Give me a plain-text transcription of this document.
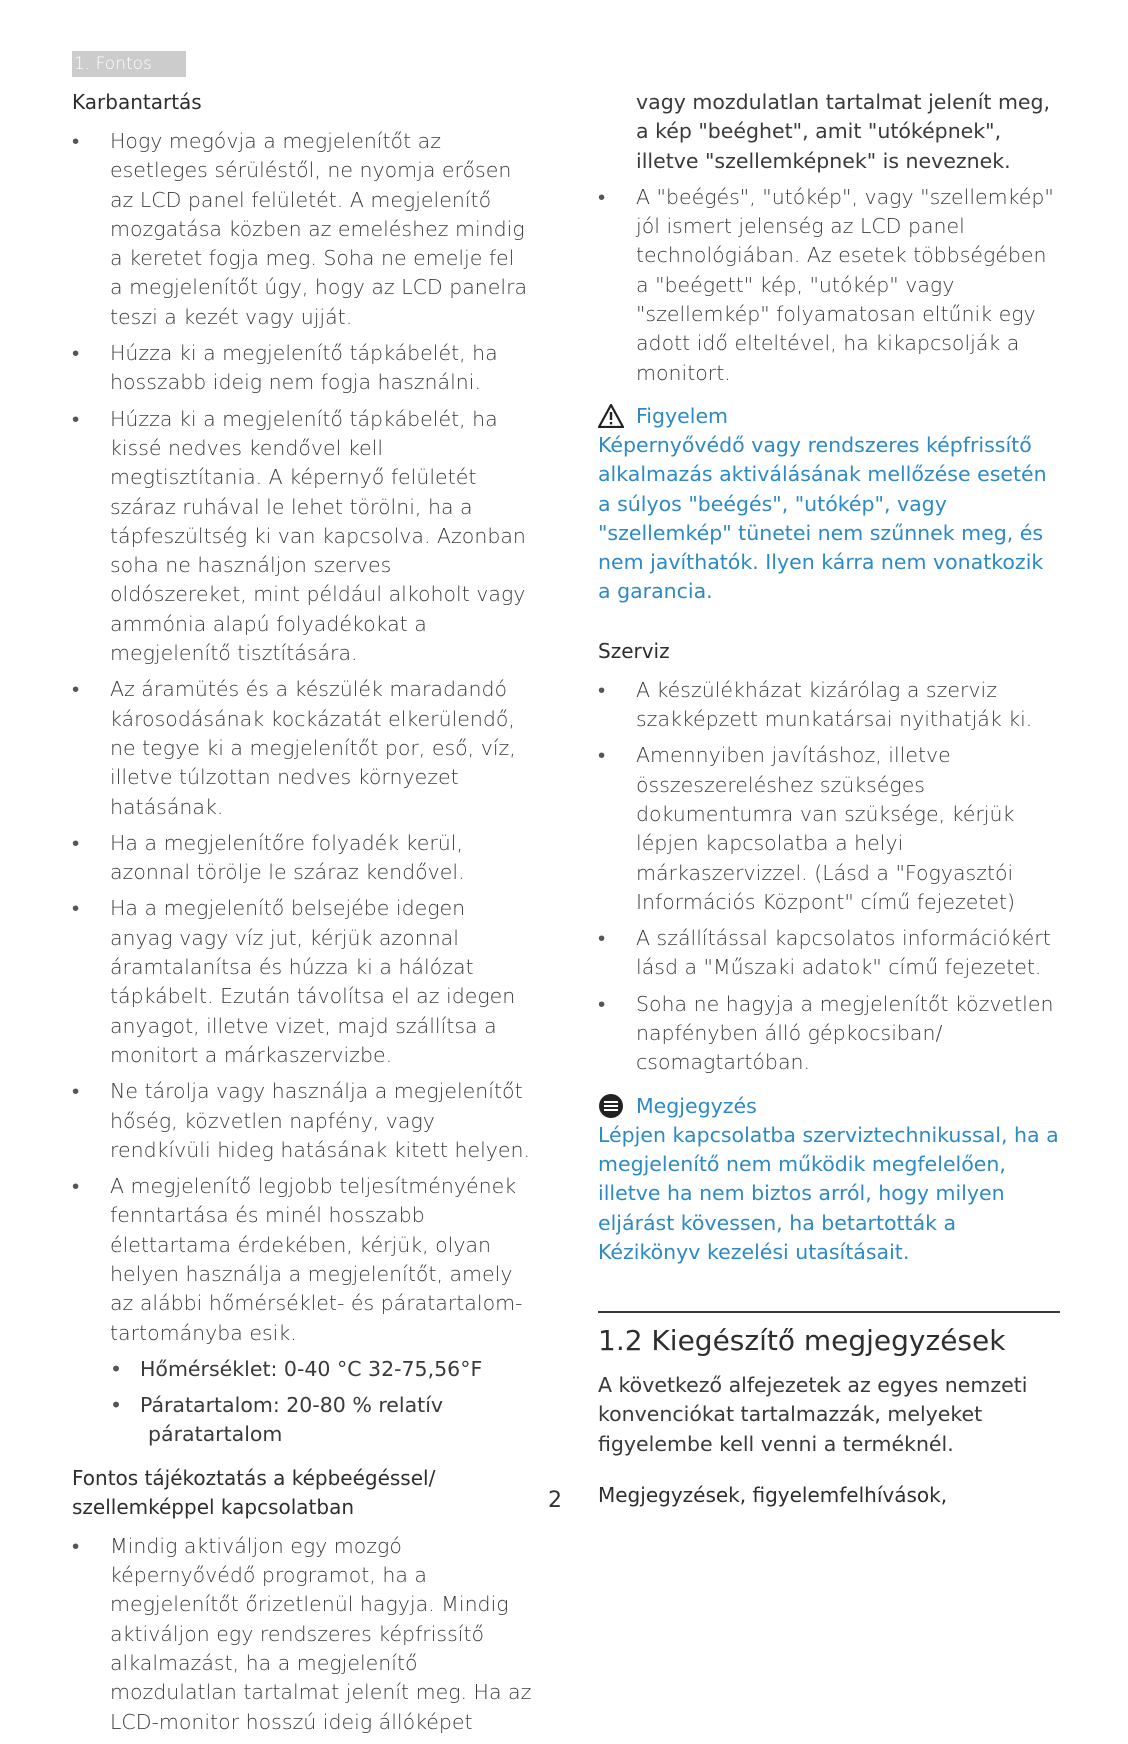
1. Fontos
Karbantartás
• Hogy megóvja a megjelenítőt az esetleges sérüléstől, ne nyomja erősen az LCD panel felületét. A megjelenítő mozgatása közben az emeléshez mindig a keretet fogja meg. Soha ne emelje fel a megjelenítőt úgy, hogy az LCD panelra teszi a kezét vagy ujját.
• Húzza ki a megjelenítő tápkábelét, ha hosszabb ideig nem fogja használni.
• Húzza ki a megjelenítő tápkábelét, ha kissé nedves kendővel kell megtisztítania. A képernyő felületét száraz ruhával le lehet törölni, ha a tápfeszültség ki van kapcsolva. Azonban soha ne használjon szerves oldószereket, mint például alkoholt vagy ammónia alapú folyadékokat a megjelenítő tisztítására.
• Az áramütés és a készülék maradandó károsodásának kockázatát elkerülendő, ne tegye ki a megjelenítőt por, eső, víz, illetve túlzottan nedves környezet hatásának.
• Ha a megjelenítőre folyadék kerül, azonnal törölje le száraz kendővel.
• Ha a megjelenítő belsejébe idegen anyag vagy víz jut, kérjük azonnal áramtalanítsa és húzza ki a hálózat tápkábelt. Ezután távolítsa el az idegen anyagot, illetve vizet, majd szállítsa a monitort a márkaszervizbe.
• Ne tárolja vagy használja a megjelenítőt hőség, közvetlen napfény, vagy rendkívüli hideg hatásának kitett helyen.
• A megjelenítő legjobb teljesítményének fenntartása és minél hosszabb élettartama érdekében, kérjük, olyan helyen használja a megjelenítőt, amely az alábbi hőmérséklet- és páratartalom-tartományba esik.
• Hőmérséklet: 0-40 °C 32-75,56°F
• Páratartalom: 20-80 % relatív
páratartalom
Fontos tájékoztatás a képbeégéssel/ szellemképpel kapcsolatban
• Mindig aktiváljon egy mozgó képernyővédő programot, ha a megjelenítőt őrizetlenül hagyja. Mindig aktiváljon egy rendszeres képfrissítő alkalmazást, ha a megjelenítő mozdulatlan tartalmat jelenít meg. Ha az LCD-monitor hosszú ideig állóképet
vagy mozdulatlan tartalmat jelenít meg, a kép "beéghet", amit "utóképnek", illetve "szellemképnek" is neveznek.
• A "beégés", "utókép", vagy "szellemkép" jól ismert jelenség az LCD panel technológiában. Az esetek többségében a "beégett" kép, "utókép" vagy "szellemkép" folyamatosan eltűnik egy adott idő elteltével, ha kikapcsolják a monitort.
Figyelem
Képernyővédő vagy rendszeres képfrissítő alkalmazás aktiválásának mellőzése esetén a súlyos "beégés", "utókép", vagy "szellemkép" tünetei nem szűnnek meg, és nem javíthatók. Ilyen kárra nem vonatkozik a garancia.
Szerviz
• A készülékházat kizárólag a szerviz szakképzett munkatársai nyithatják ki.
• Amennyiben javításhoz, illetve összeszereléshez szükséges dokumentumra van szüksége, kérjük lépjen kapcsolatba a helyi márkaszervizzel. (Lásd a "Fogyasztói Információs Központ" című fejezetet)
• A szállítással kapcsolatos információkért lásd a "Műszaki adatok" című fejezetet.
• Soha ne hagyja a megjelenítőt közvetlen napfényben álló gépkocsiban/ csomagtartóban.
Megjegyzés
Lépjen kapcsolatba szerviztechnikussal, ha a megjelenítő nem működik megfelelően, illetve ha nem biztos arról, hogy milyen eljárást kövessen, ha betartották a Kézikönyv kezelési utasításait.
1.2 Kiegészítő megjegyzések
A következő alfejezetek az egyes nemzeti konvenciókat tartalmazzák, melyeket figyelembe kell venni a terméknél.
Megjegyzések, figyelemfelhívások,
2
